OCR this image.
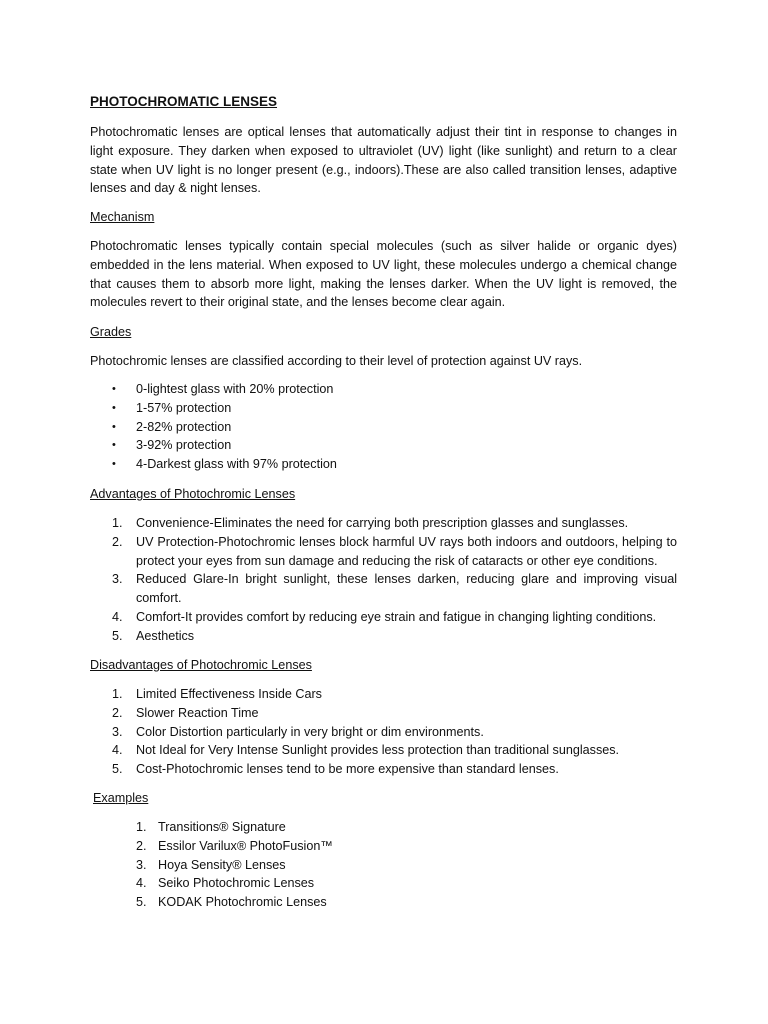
PHOTOCHROMATIC LENSES
Photochromatic lenses are optical lenses that automatically adjust their tint in response to changes in light exposure. They darken when exposed to ultraviolet (UV) light (like sunlight) and return to a clear state when UV light is no longer present (e.g., indoors).These are also called transition lenses, adaptive lenses and day & night lenses.
Mechanism
Photochromatic lenses typically contain special molecules (such as silver halide or organic dyes) embedded in the lens material. When exposed to UV light, these molecules undergo a chemical change that causes them to absorb more light, making the lenses darker. When the UV light is removed, the molecules revert to their original state, and the lenses become clear again.
Grades
Photochromic lenses are classified according to their level of protection against UV rays.
• 0-lightest glass with 20% protection
• 1-57% protection
• 2-82% protection
• 3-92% protection
• 4-Darkest glass with 97% protection
Advantages of Photochromic Lenses
1. Convenience-Eliminates the need for carrying both prescription glasses and sunglasses.
2. UV Protection-Photochromic lenses block harmful UV rays both indoors and outdoors, helping to protect your eyes from sun damage and reducing the risk of cataracts or other eye conditions.
3. Reduced Glare-In bright sunlight, these lenses darken, reducing glare and improving visual comfort.
4. Comfort-It provides comfort by reducing eye strain and fatigue in changing lighting conditions.
5. Aesthetics
Disadvantages of Photochromic Lenses
1. Limited Effectiveness Inside Cars
2. Slower Reaction Time
3. Color Distortion particularly in very bright or dim environments.
4. Not Ideal for Very Intense Sunlight provides less protection than traditional sunglasses.
5. Cost-Photochromic lenses tend to be more expensive than standard lenses.
Examples
1. Transitions® Signature
2. Essilor Varilux® PhotoFusion™
3. Hoya Sensity® Lenses
4. Seiko Photochromic Lenses
5. KODAK Photochromic Lenses
